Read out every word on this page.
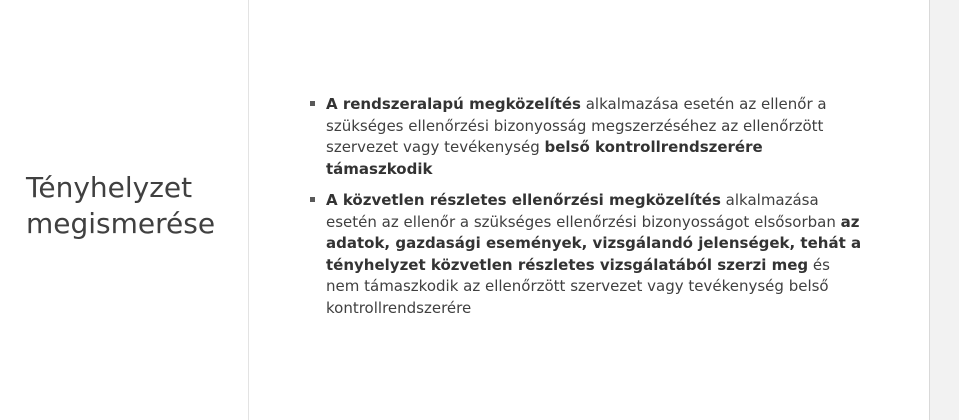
Tényhelyzet megismerése
A rendszeralapú megközelítés alkalmazása esetén az ellenőr a szükséges ellenőrzési bizonyosság megszerzéséhez az ellenőrzött szervezet vagy tevékenység belső kontrollrendszerére támaszkodik
A közvetlen részletes ellenőrzési megközelítés alkalmazása esetén az ellenőr a szükséges ellenőrzési bizonyosságot elsősorban az adatok, gazdasági események, vizsgálandó jelenségek, tehát a tényhelyzet közvetlen részletes vizsgálatából szerzi meg és nem támaszkodik az ellenőrzött szervezet vagy tevékenység belső kontrollrendszerére
